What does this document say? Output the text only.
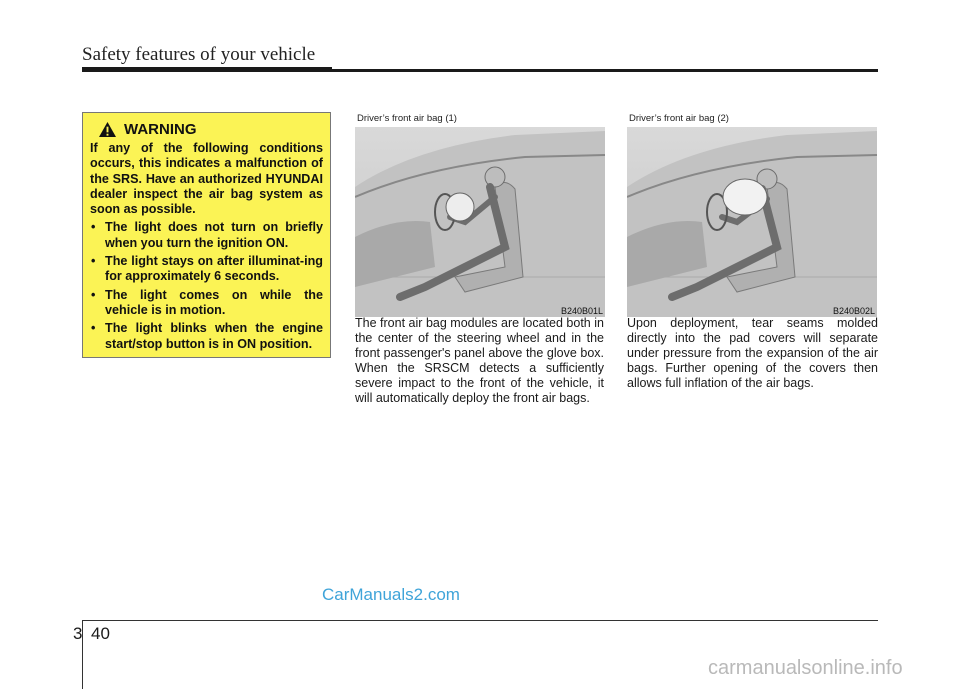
Safety features of your vehicle
WARNING
If any of the following conditions occurs, this indicates a malfunction of the SRS. Have an authorized HYUNDAI dealer inspect the air bag system as soon as possible.
• The light does not turn on briefly when you turn the ignition ON.
• The light stays on after illuminat-ing for approximately 6 seconds.
• The light comes on while the vehicle is in motion.
• The light blinks when the engine start/stop button is in ON position.
Driver’s front air bag (1)
B240B01L
Driver’s front air bag (2)
B240B02L
The front air bag modules are located both in the center of the steering wheel and in the front passenger's panel above the glove box. When the SRSCM detects a sufficiently severe impact to the front of the vehicle, it will automatically deploy the front air bags.
Upon deployment, tear seams molded directly into the pad covers will separate under pressure from the expansion of the air bags. Further opening of the covers then allows full inflation of the air bags.
CarManuals2.com
3 40
carmanualsonline.info
